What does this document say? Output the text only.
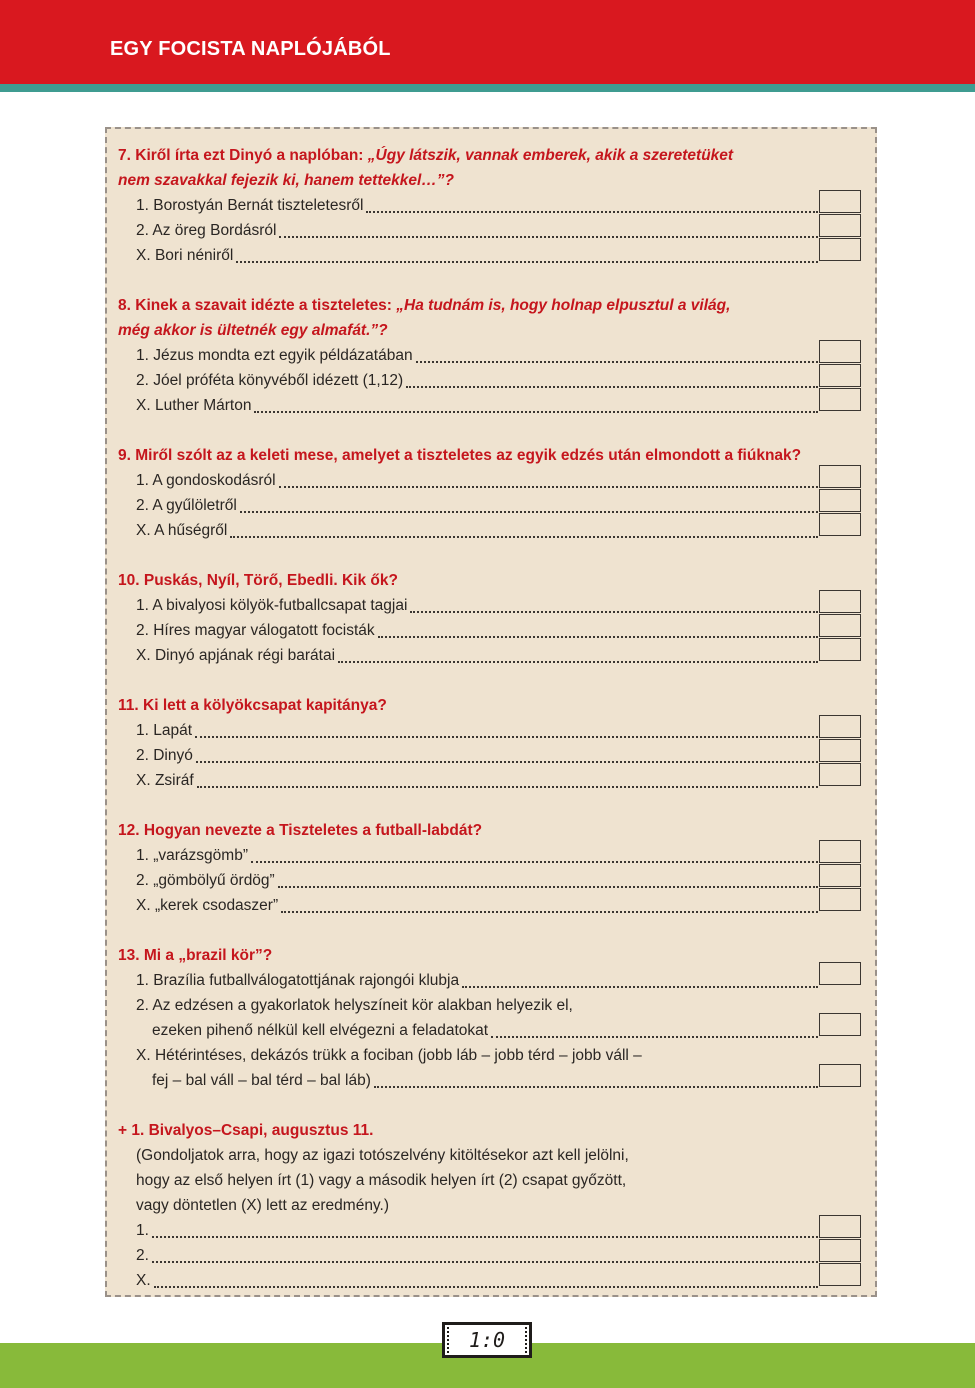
EGY FOCISTA NAPLÓJÁBÓL
7. Kiről írta ezt Dinyó a naplóban: „Úgy látszik, vannak emberek, akik a szeretetüket
nem szavakkal fejezik ki, hanem tettekkel…”?
1. Borostyán Bernát tiszteletesről
2. Az öreg Bordásról
X. Bori néniről
8. Kinek a szavait idézte a tiszteletes: „Ha tudnám is, hogy holnap elpusztul a világ,
még akkor is ültetnék egy almafát.”?
1. Jézus mondta ezt egyik példázatában
2. Jóel próféta könyvéből idézett (1,12)
X. Luther Márton
9. Miről szólt az a keleti mese, amelyet a tiszteletes az egyik edzés után elmondott a fiúknak?
1. A gondoskodásról
2. A gyűlöletről
X. A hűségről
10. Puskás, Nyíl, Törő, Ebedli. Kik ők?
1. A bivalyosi kölyök-futballcsapat tagjai
2. Híres magyar válogatott focisták
X. Dinyó apjának régi barátai
11. Ki lett a kölyökcsapat kapitánya?
1. Lapát
2. Dinyó
X. Zsiráf
12. Hogyan nevezte a Tiszteletes a futball-labdát?
1. „varázsgömb”
2. „gömbölyű ördög”
X. „kerek csodaszer”
13. Mi a „brazil kör”?
1. Brazília futballválogatottjának rajongói klubja
2. Az edzésen a gyakorlatok helyszíneit kör alakban helyezik el,
ezeken pihenő nélkül kell elvégezni a feladatokat
X. Hétérintéses, dekázós trükk a fociban (jobb láb – jobb térd – jobb váll –
fej – bal váll – bal térd – bal láb)
+ 1. Bivalyos–Csapi, augusztus 11.
(Gondoljatok arra, hogy az igazi totószelvény kitöltésekor azt kell jelölni,
hogy az első helyen írt (1) vagy a második helyen írt (2) csapat győzött,
vagy döntetlen (X) lett az eredmény.)
1.
2.
X.
1:0
